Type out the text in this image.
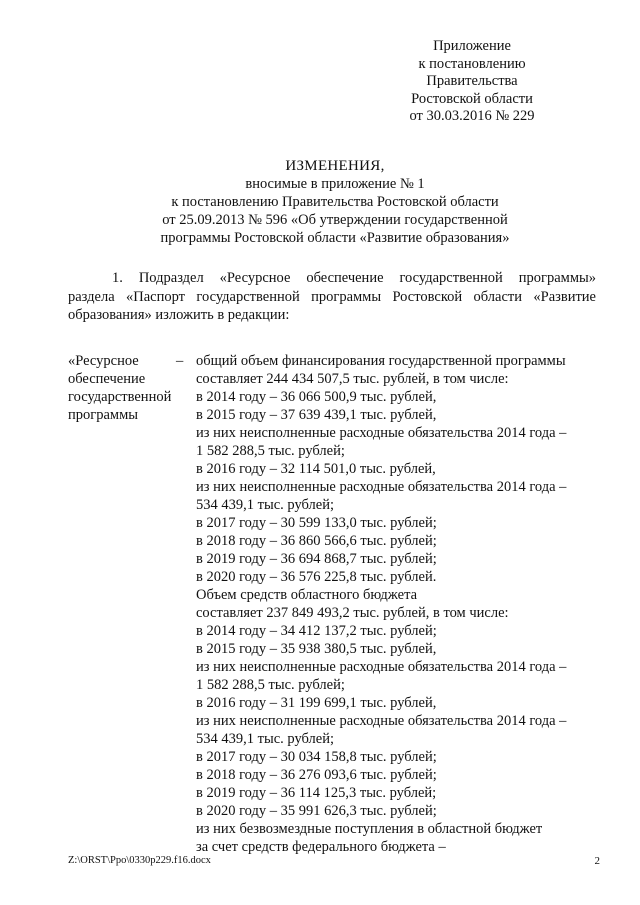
Приложение
к постановлению
Правительства
Ростовской области
от 30.03.2016 № 229
ИЗМЕНЕНИЯ,
вносимые в приложение № 1
к постановлению Правительства Ростовской области
от 25.09.2013 № 596 «Об утверждении государственной
программы Ростовской области «Развитие образования»
1. Подраздел «Ресурсное обеспечение государственной программы»
раздела «Паспорт государственной программы Ростовской области «Развитие
образования» изложить в редакции:
«Ресурсное
обеспечение
государственной
программы
– общий объем финансирования государственной программы
составляет 244 434 507,5 тыс. рублей, в том числе:
в 2014 году – 36 066 500,9 тыс. рублей,
в 2015 году – 37 639 439,1 тыс. рублей,
из них неисполненные расходные обязательства 2014 года –
1 582 288,5 тыс. рублей;
в 2016 году – 32 114 501,0 тыс. рублей,
из них неисполненные расходные обязательства 2014 года –
534 439,1 тыс. рублей;
в 2017 году – 30 599 133,0 тыс. рублей;
в 2018 году – 36 860 566,6 тыс. рублей;
в 2019 году – 36 694 868,7 тыс. рублей;
в 2020 году – 36 576 225,8 тыс. рублей.
Объем средств областного бюджета
составляет 237 849 493,2 тыс. рублей, в том числе:
в 2014 году – 34 412 137,2 тыс. рублей;
в 2015 году – 35 938 380,5 тыс. рублей,
из них неисполненные расходные обязательства 2014 года –
1 582 288,5 тыс. рублей;
в 2016 году – 31 199 699,1 тыс. рублей,
из них неисполненные расходные обязательства 2014 года –
534 439,1 тыс. рублей;
в 2017 году – 30 034 158,8 тыс. рублей;
в 2018 году – 36 276 093,6 тыс. рублей;
в 2019 году – 36 114 125,3 тыс. рублей;
в 2020 году – 35 991 626,3 тыс. рублей;
из них безвозмездные поступления в областной бюджет
за счет средств федерального бюджета –
Z:\ORST\Ppo\0330p229.f16.docx	2
